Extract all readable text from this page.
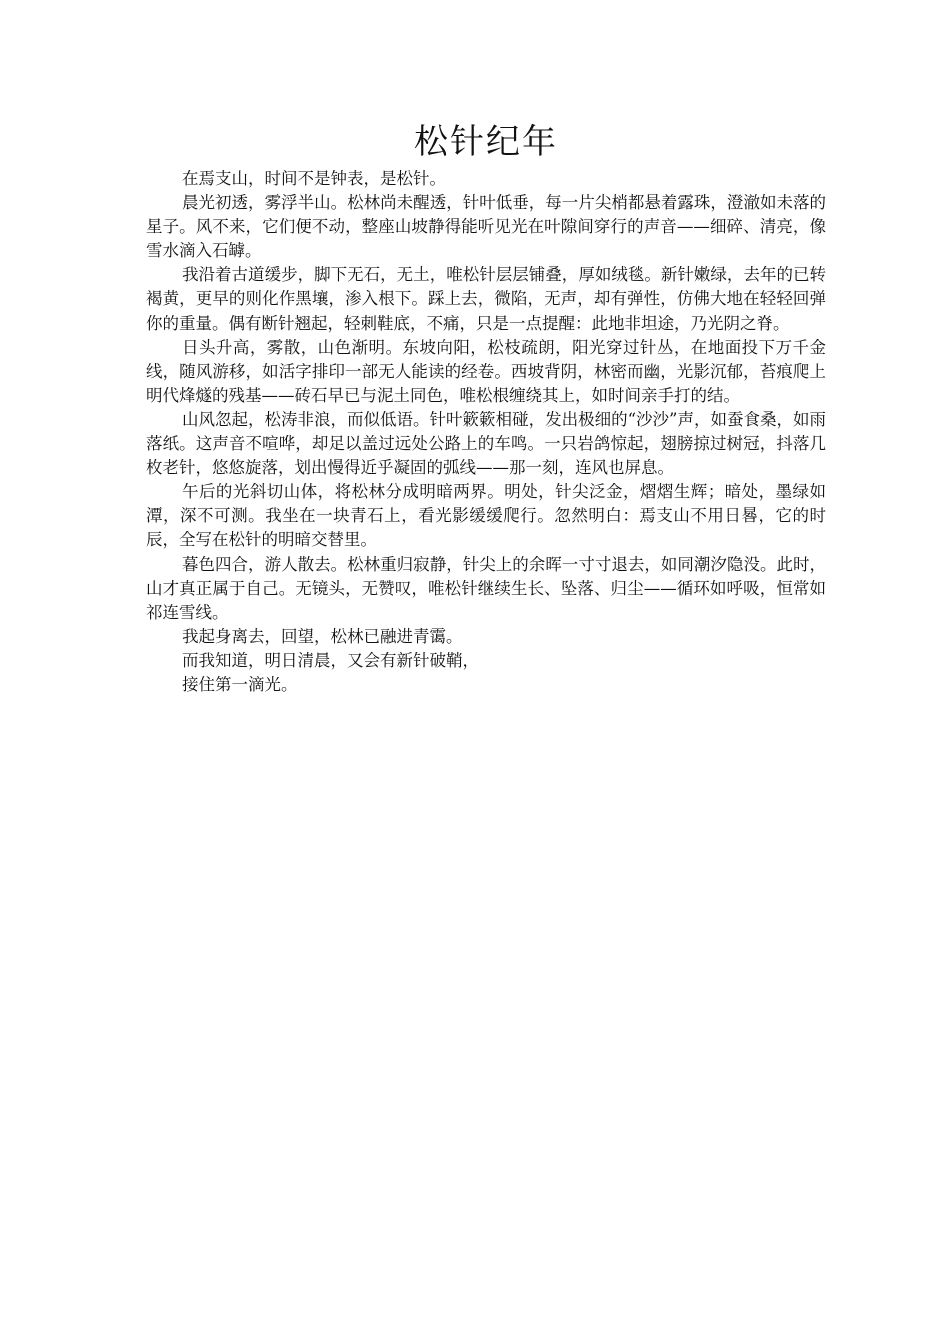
松针纪年

在焉支山，时间不是钟表，是松针。

晨光初透，雾浮半山。松林尚未醒透，针叶低垂，每一片尖梢都悬着露珠，澄澈如未落的星子。风不来，它们便不动，整座山坡静得能听见光在叶隙间穿行的声音——细碎、清亮，像雪水滴入石罅。

我沿着古道缓步，脚下无石，无土，唯松针层层铺叠，厚如绒毯。新针嫩绿，去年的已转褐黄，更早的则化作黑壤，渗入根下。踩上去，微陷，无声，却有弹性，仿佛大地在轻轻回弹你的重量。偶有断针翘起，轻刺鞋底，不痛，只是一点提醒：此地非坦途，乃光阴之脊。

日头升高，雾散，山色渐明。东坡向阳，松枝疏朗，阳光穿过针丛，在地面投下万千金线，随风游移，如活字排印一部无人能读的经卷。西坡背阴，林密而幽，光影沉郁，苔痕爬上明代烽燧的残基——砖石早已与泥土同色，唯松根缠绕其上，如时间亲手打的结。

山风忽起，松涛非浪，而似低语。针叶簌簌相碰，发出极细的“沙沙”声，如蚕食桑，如雨落纸。这声音不喧哗，却足以盖过远处公路上的车鸣。一只岩鸽惊起，翅膀掠过树冠，抖落几枚老针，悠悠旋落，划出慢得近乎凝固的弧线——那一刻，连风也屏息。

午后的光斜切山体，将松林分成明暗两界。明处，针尖泛金，熠熠生辉；暗处，墨绿如潭，深不可测。我坐在一块青石上，看光影缓缓爬行。忽然明白：焉支山不用日晷，它的时辰，全写在松针的明暗交替里。

暮色四合，游人散去。松林重归寂静，针尖上的余晖一寸寸退去，如同潮汐隐没。此时，山才真正属于自己。无镜头，无赞叹，唯松针继续生长、坠落、归尘——循环如呼吸，恒常如祁连雪线。

我起身离去，回望，松林已融进青霭。

而我知道，明日清晨，又会有新针破鞘，

接住第一滴光。
